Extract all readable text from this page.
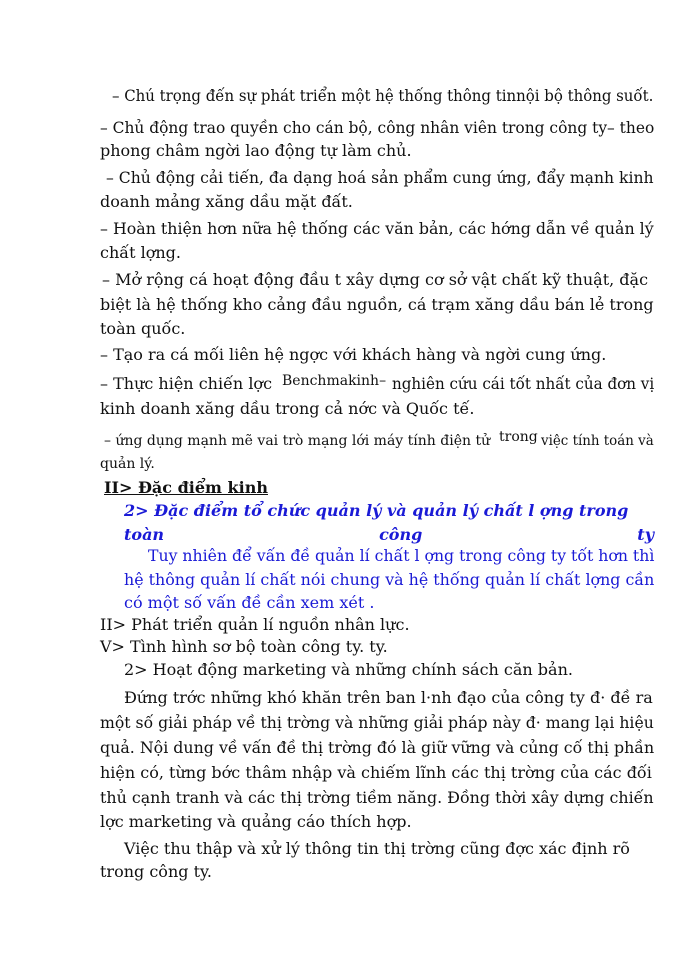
– Chú trọng đến sự phát triển một hệ thống thông tinnội bộ thông suốt.
– Chủ động trao quyền cho cán bộ, công nhân viên trong công ty– theo
phong châm ngời lao động tự làm chủ.
– Chủ động cải tiến, đa dạng hoá sản phẩm cung ứng, đẩy mạnh kinh
doanh mảng xăng dầu mặt đất.
– Hoàn thiện hơn nữa hệ thống các văn bản, các hớng dẫn về quản lý
chất lợng.
– Mở rộng cá hoạt động đầu t xây dựng cơ sở vật chất kỹ thuật, đặc
biệt là hệ thống kho cảng đầu nguồn, cá trạm xăng dầu bán lẻ trong
toàn quốc.
– Tạo ra cá mối liên hệ ngợc với khách hàng và ngời cung ứng.
– Thực hiện chiến lợc Benchmakinh– nghiên cứu cái tốt nhất của đơn vị
kinh doanh xăng dầu trong cả nớc và Quốc tế.
– ứng dụng mạnh mẽ vai trò mạng lới máy tính điện tử trong việc tính toán và
quản lý.
II> Đặc điểm kinh
2> Đặc điểm tổ chức quản lý và quản lý chất l ợng trong
toàn	công	ty
Tuy nhiên để vấn đề quản lí chất l ợng trong công ty tốt hơn thì
hệ thông quản lí chất nói chung và hệ thống quản lí chất lợng cần
có một số vấn đề cần xem xét .
II> Phát triển quản lí nguồn nhân lực.
V> Tình hình sơ bộ toàn công ty. ty.
2> Hoạt động marketing và những chính sách căn bản.
Đứng trớc những khó khăn trên ban l·nh đạo của công ty đ· đề ra
một số giải pháp về thị trờng và những giải pháp này đ· mang lại hiệu
quả. Nội dung về vấn đề thị trờng đó là giữ vững và củng cố thị phần
hiện có, từng bớc thâm nhập và chiếm lĩnh các thị trờng của các đối
thủ cạnh tranh và các thị trờng tiềm năng. Đồng thời xây dựng chiến
lợc marketing và quảng cáo thích hợp.
Việc thu thập và xử lý thông tin thị trờng cũng đợc xác định rõ
trong công ty.
